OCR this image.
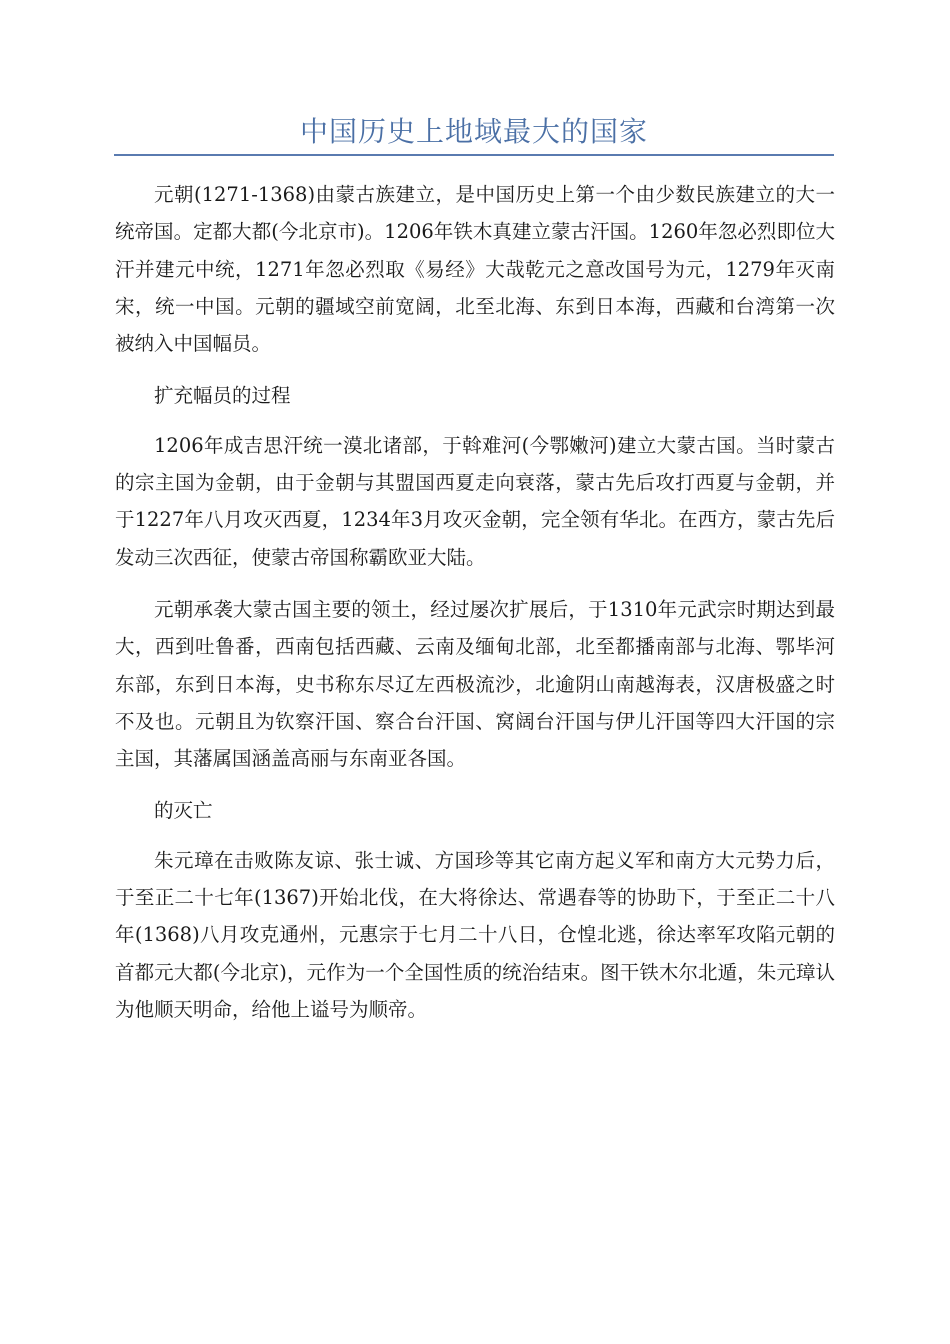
中国历史上地域最大的国家

元朝(1271-1368)由蒙古族建立，是中国历史上第一个由少数民族建立的大一统帝国。定都大都(今北京市)。1206年铁木真建立蒙古汗国。1260年忽必烈即位大汗并建元中统，1271年忽必烈取《易经》大哉乾元之意改国号为元，1279年灭南宋，统一中国。元朝的疆域空前宽阔，北至北海、东到日本海，西藏和台湾第一次被纳入中国幅员。

扩充幅员的过程

1206年成吉思汗统一漠北诸部，于斡难河(今鄂嫩河)建立大蒙古国。当时蒙古的宗主国为金朝，由于金朝与其盟国西夏走向衰落，蒙古先后攻打西夏与金朝，并于1227年八月攻灭西夏，1234年3月攻灭金朝，完全领有华北。在西方，蒙古先后发动三次西征，使蒙古帝国称霸欧亚大陆。

元朝承袭大蒙古国主要的领土，经过屡次扩展后，于1310年元武宗时期达到最大，西到吐鲁番，西南包括西藏、云南及缅甸北部，北至都播南部与北海、鄂毕河东部，东到日本海，史书称东尽辽左西极流沙，北逾阴山南越海表，汉唐极盛之时不及也。元朝且为钦察汗国、察合台汗国、窝阔台汗国与伊儿汗国等四大汗国的宗主国，其藩属国涵盖高丽与东南亚各国。

的灭亡

朱元璋在击败陈友谅、张士诚、方国珍等其它南方起义军和南方大元势力后，于至正二十七年(1367)开始北伐，在大将徐达、常遇春等的协助下，于至正二十八年(1368)八月攻克通州，元惠宗于七月二十八日，仓惶北逃，徐达率军攻陷元朝的首都元大都(今北京)，元作为一个全国性质的统治结束。图干铁木尔北遁，朱元璋认为他顺天明命，给他上谥号为顺帝。
